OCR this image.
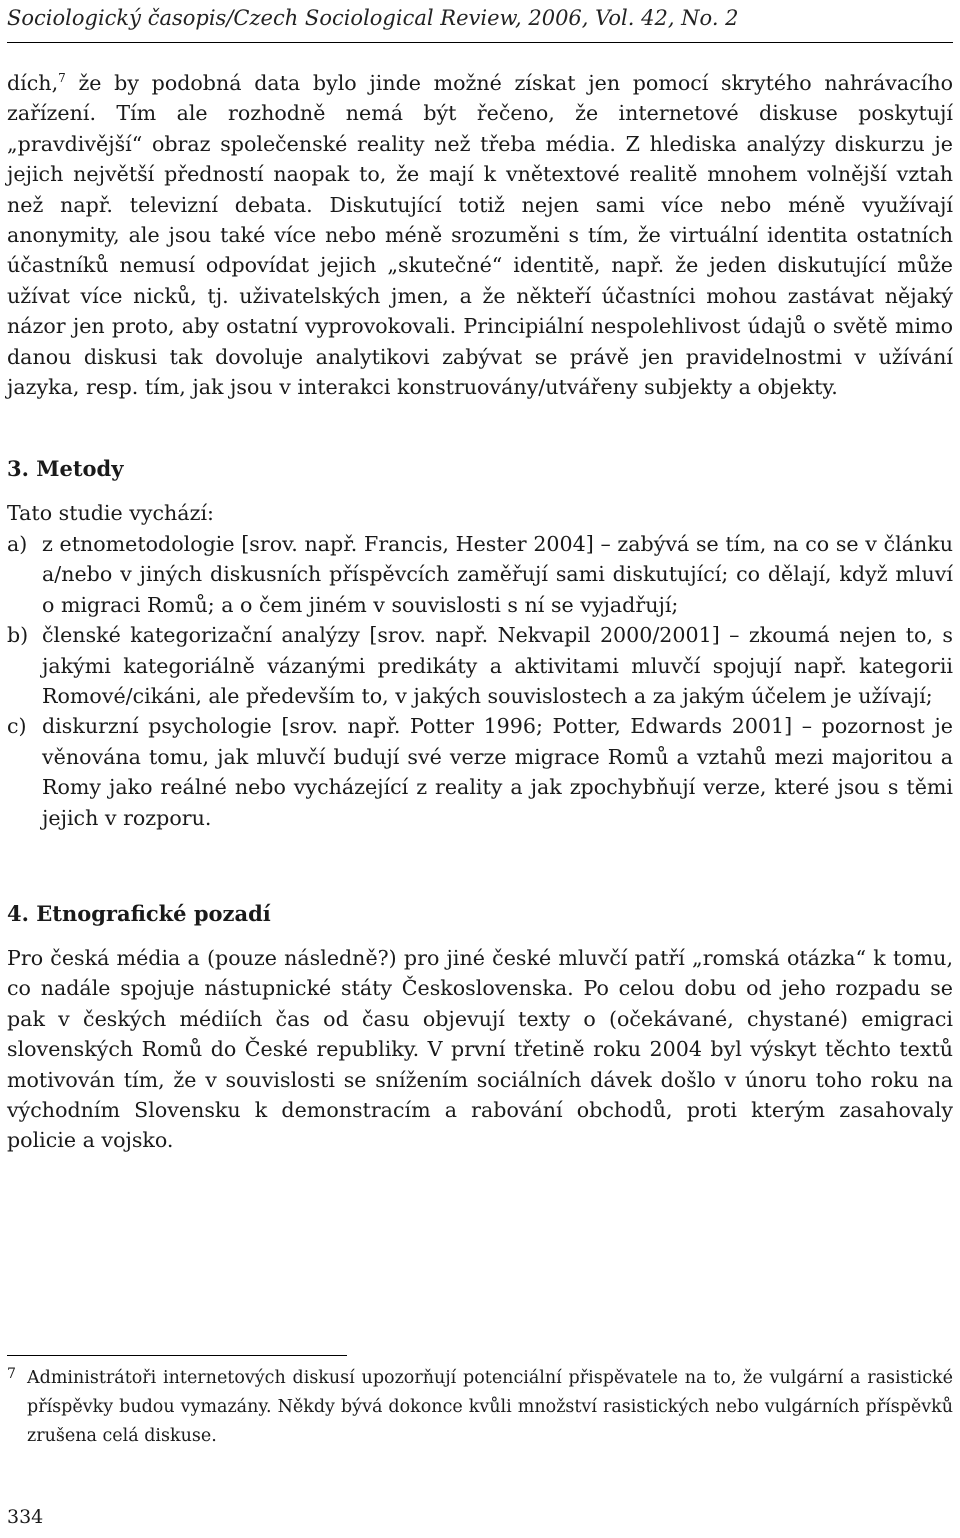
Sociologický časopis/Czech Sociological Review, 2006, Vol. 42, No. 2

dích,$^7$ že by podobná data bylo jinde možné získat jen pomocí skrytého nahrávacího zařízení. Tím ale rozhodně nemá být řečeno, že internetové diskuse poskytují „pravdivější“ obraz společenské reality než třeba média. Z hlediska analýzy diskurzu je jejich největší předností naopak to, že mají k vnětextové realitě mnohem volnější vztah než např. televizní debata. Diskutující totiž nejen sami více nebo méně využívají anonymity, ale jsou také více nebo méně srozuměni s tím, že virtuální identita ostatních účastníků nemusí odpovídat jejich „skutečné“ identitě, např. že jeden diskutující může užívat více nicků, tj. uživatelských jmen, a že někteří účastníci mohou zastávat nějaký názor jen proto, aby ostatní vyprovokovali. Principiální nespolehlivost údajů o světě mimo danou diskusi tak dovoluje analytikovi zabývat se právě jen pravidelnostmi v užívání jazyka, resp. tím, jak jsou v interakci konstruovány/utvářeny subjekty a objekty.

3. Metody

Tato studie vychází:

a) z etnometodologie [srov. např. Francis, Hester 2004] – zabývá se tím, na co se v článku a/nebo v jiných diskusních příspěvcích zaměřují sami diskutující; co dělají, když mluví o migraci Romů; a o čem jiném v souvislosti s ní se vyjadřují;
b) členské kategorizační analýzy [srov. např. Nekvapil 2000/2001] – zkoumá nejen to, s jakými kategoriálně vázanými predikáty a aktivitami mluvčí spojují např. kategorii Romové/cikáni, ale především to, v jakých souvislostech a za jakým účelem je užívají;
c) diskurzní psychologie [srov. např. Potter 1996; Potter, Edwards 2001] – pozornost je věnována tomu, jak mluvčí budují své verze migrace Romů a vztahů mezi majoritou a Romy jako reálné nebo vycházející z reality a jak zpochybňují verze, které jsou s těmi jejich v rozporu.
4. Etnografické pozadí

Pro česká média a (pouze následně?) pro jiné české mluvčí patří „romská otázka“ k tomu, co nadále spojuje nástupnické státy Československa. Po celou dobu od jeho rozpadu se pak v českých médiích čas od času objevují texty o (očekávané, chystané) emigraci slovenských Romů do České republiky. V první třetině roku 2004 byl výskyt těchto textů motivován tím, že v souvislosti se snížením sociálních dávek došlo v únoru toho roku na východním Slovensku k demonstracím a rabování obchodů, proti kterým zasahovaly policie a vojsko.

7 Administrátoři internetových diskusí upozorňují potenciální přispěvatele na to, že vulgární a rasistické příspěvky budou vymazány. Někdy bývá dokonce kvůli množství rasistických nebo vulgárních příspěvků zrušena celá diskuse.
334
